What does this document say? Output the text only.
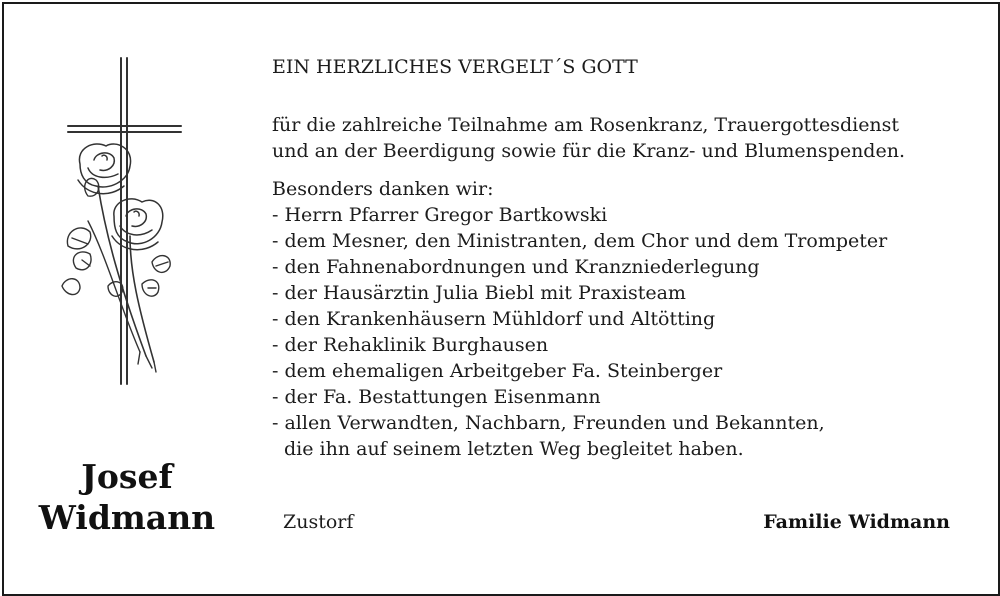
Josef
Widmann
EIN HERZLICHES VERGELT´S GOTT
für die zahlreiche Teilnahme am Rosenkranz, Trauergottesdienst
und an der Beerdigung sowie für die Kranz- und Blumenspenden.
Besonders danken wir:
- Herrn Pfarrer Gregor Bartkowski
- dem Mesner, den Ministranten, dem Chor und dem Trompeter
- den Fahnenabordnungen und Kranzniederlegung
- der Hausärztin Julia Biebl mit Praxisteam
- den Krankenhäusern Mühldorf und Altötting
- der Rehaklinik Burghausen
- dem ehemaligen Arbeitgeber Fa. Steinberger
- der Fa. Bestattungen Eisenmann
- allen Verwandten, Nachbarn, Freunden und Bekannten,
die ihn auf seinem letzten Weg begleitet haben.
Zustorf	Familie Widmann
